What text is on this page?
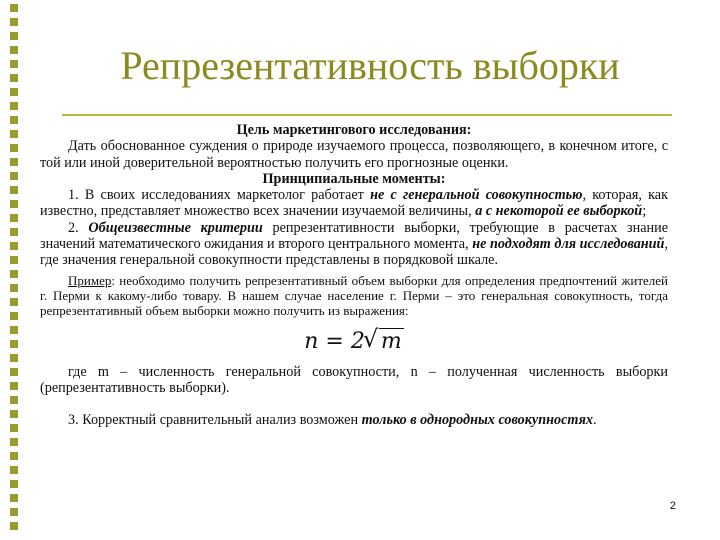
Репрезентативность выборки

Цель маркетингового исследования:

Дать обоснованное суждения о природе изучаемого процесса, позволяющего, в конечном итоге, с той или иной доверительной вероятностью получить его прогнозные оценки.

Принципиальные моменты:

1. В своих исследованиях маркетолог работает не с генеральной совокупностью, которая, как известно, представляет множество всех значении изучаемой величины, а с некоторой ее выборкой;

2. Общеизвестные критерии репрезентативности выборки, требующие в расчетах знание значений математического ожидания и второго центрального момента, не подходят для исследований, где значения генеральной совокупности представлены в порядковой шкале.

Пример: необходимо получить репрезентативный объем выборки для определения предпочтений жителей г. Перми к какому-либо товару. В нашем случае население г. Перми – это генеральная совокупность, тогда репрезентативный объем выборки можно получить из выражения:

n = 2√ m

где m – численность генеральной совокупности, n – полученная численность выборки (репрезентативность выборки).

3. Корректный сравнительный анализ возможен только в однородных совокупностях.

2
